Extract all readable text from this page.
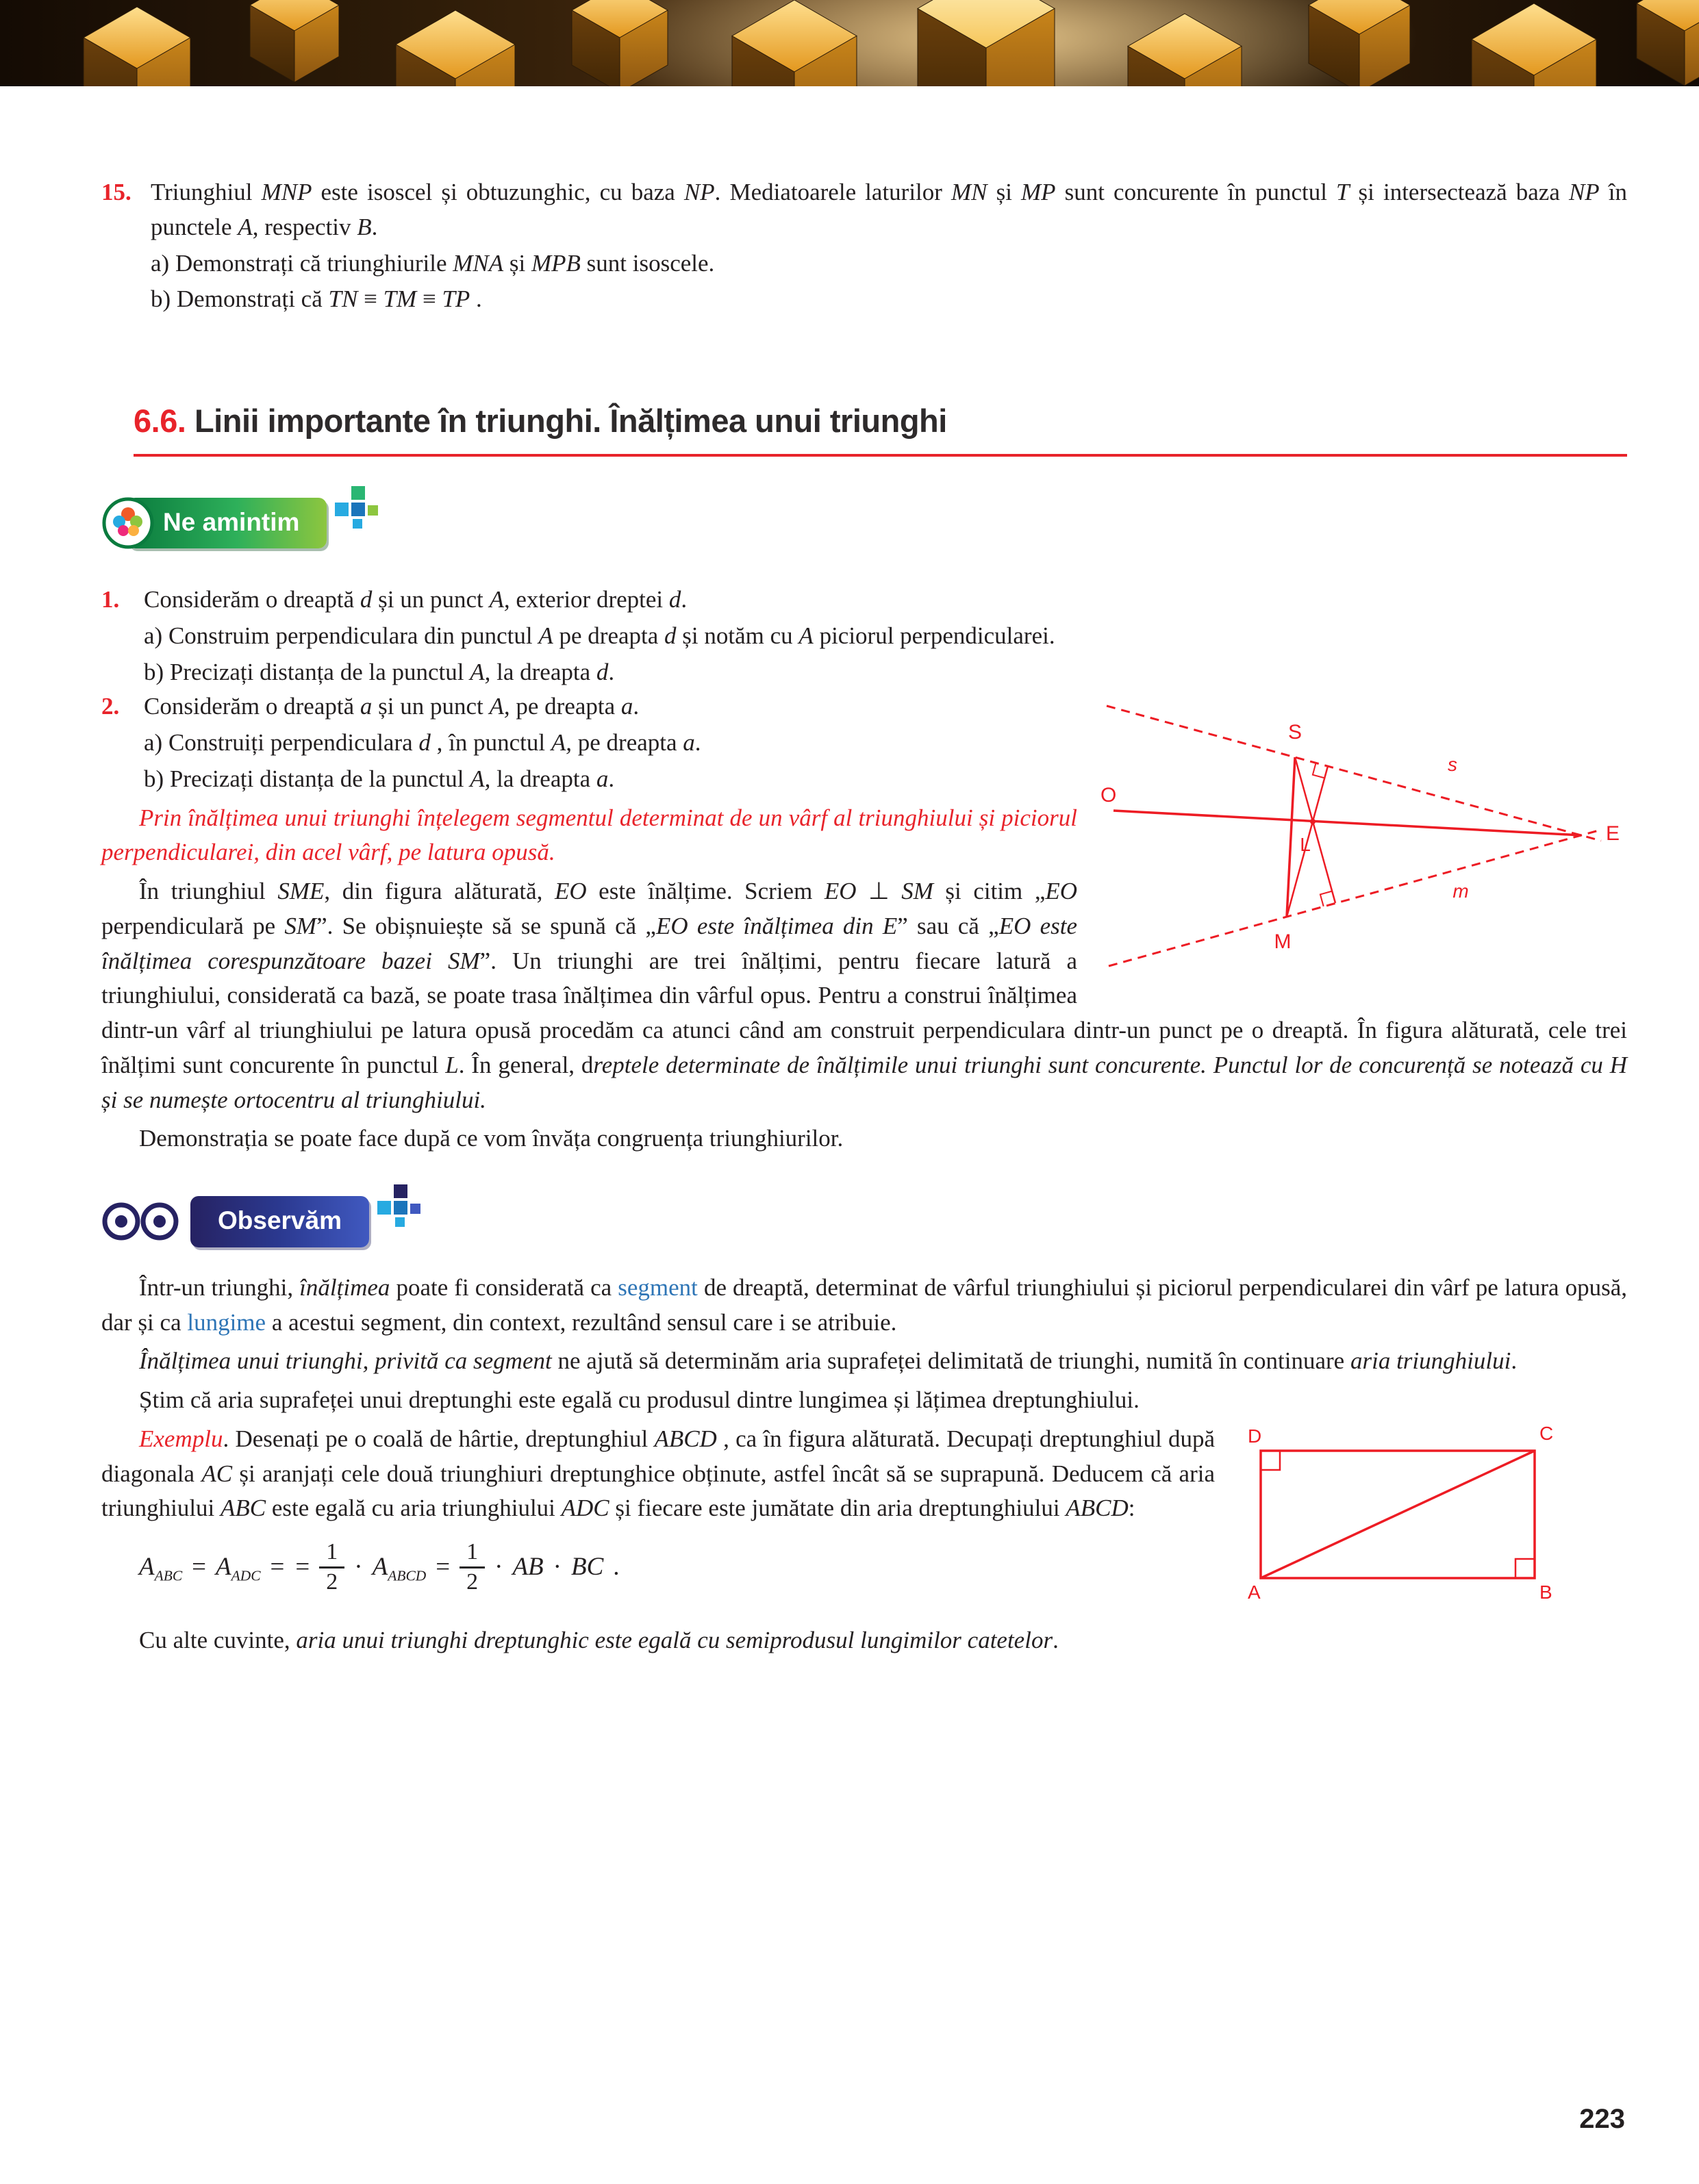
15. Triunghiul MNP este isoscel și obtuzunghic, cu baza NP. Mediatoarele laturilor MN și MP sunt concurente în punctul T și intersectează baza NP în punctele A, respectiv B.
a) Demonstrați că triunghiurile MNA și MPB sunt isoscele.
b) Demonstrați că TN ≡ TM ≡ TP .
6.6. Linii importante în triunghi. Înălțimea unui triunghi
Ne amintim
1. Considerăm o dreaptă d și un punct A, exterior dreptei d.
a) Construim perpendiculara din punctul A pe dreapta d și notăm cu A piciorul perpendicularei.
b) Precizați distanța de la punctul A, la dreapta d.
S
O
L	E
M
s
m
2. Considerăm o dreaptă a și un punct A, pe dreapta a.
a) Construiți perpendiculara d , în punctul A, pe dreapta a.
b) Precizați distanța de la punctul A, la dreapta a.
Prin înălțimea unui triunghi înțelegem segmentul determinat de un vârf al triunghiului și piciorul perpendicularei, din acel vârf, pe latura opusă.
În triunghiul SME, din figura alăturată, EO este înălțime. Scriem EO ⊥ SM și citim „EO perpendiculară pe SM”. Se obișnuiește să se spună că „EO este înălțimea din E” sau că „EO este înălțimea corespunzătoare bazei SM”. Un triunghi are trei înălțimi, pentru fiecare latură a triunghiului, considerată ca bază, se poate trasa înălțimea din vârful opus. Pentru a construi înălțimea dintr-un vârf al triunghiului pe latura opusă procedăm ca atunci când am construit perpendiculara dintr-un punct pe o dreaptă. În figura alăturată, cele trei înălțimi sunt concurente în punctul L. În general, dreptele determinate de înălțimile unui triunghi sunt concurente. Punctul lor de concurență se notează cu H și se numește ortocentru al triunghiului.
Demonstrația se poate face după ce vom învăța congruența triunghiurilor.
Observăm
Într-un triunghi, înălțimea poate fi considerată ca segment de dreaptă, determinat de vârful triunghiului și piciorul perpendicularei din vârf pe latura opusă, dar și ca lungime a acestui segment, din context, rezultând sensul care i se atribuie.
Înălțimea unui triunghi, privită ca segment ne ajută să determinăm aria suprafeței delimitată de triunghi, numită în continuare aria triunghiului.
Știm că aria suprafeței unui dreptunghi este egală cu produsul dintre lungimea și lățimea dreptunghiului.
D	C
A	B
Exemplu. Desenați pe o coală de hârtie, dreptunghiul ABCD , ca în figura alăturată. Decupați dreptunghiul după diagonala AC și aranjați cele două triunghiuri dreptunghice obținute, astfel încât să se suprapună. Deducem că aria triunghiului ABC este egală cu aria triunghiului ADC și fiecare este jumătate din aria dreptunghiului ABCD:
$A_{ABC} = A_{ADC}$ = = $\frac{1}{2} \cdot A_{ABCD} = \frac{1}{2}$ · AB · BC .
Cu alte cuvinte, aria unui triunghi dreptunghic este egală cu semiprodusul lungimilor catetelor.
223
